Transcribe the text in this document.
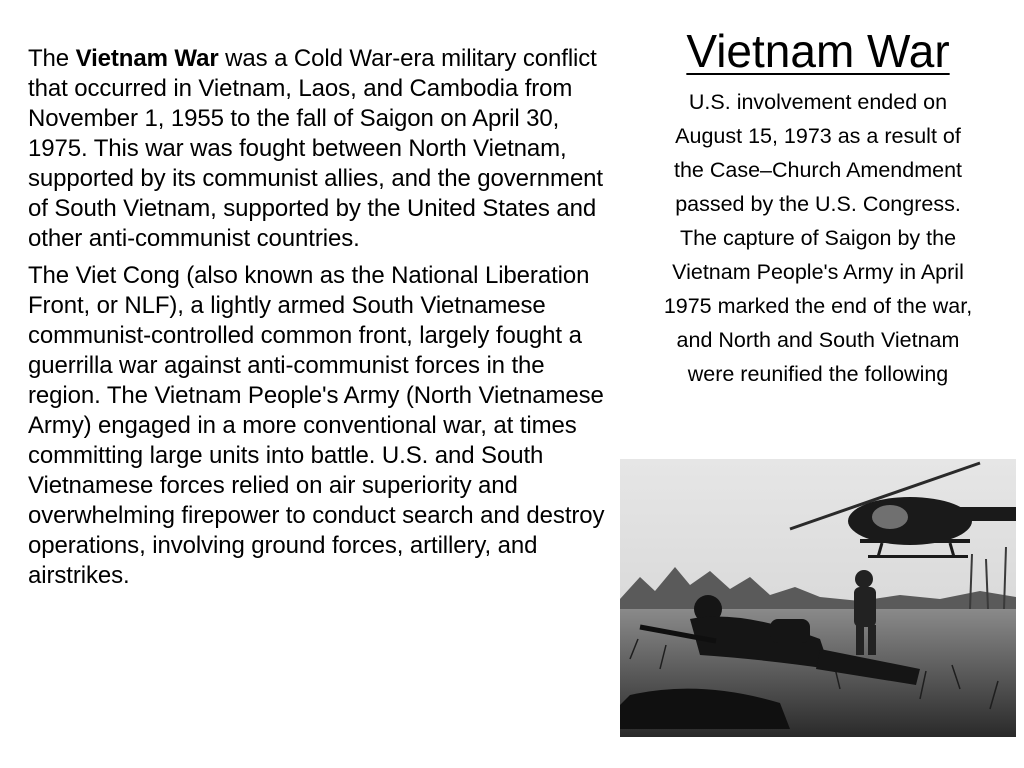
The Vietnam War was a Cold War-era military conflict that occurred in Vietnam, Laos, and Cambodia from November 1, 1955 to the fall of Saigon on April 30, 1975. This war was fought between North Vietnam, supported by its communist allies, and the government of South Vietnam, supported by the United States and other anti-communist countries.

The Viet Cong (also known as the National Liberation Front, or NLF), a lightly armed South Vietnamese communist-controlled common front, largely fought a guerrilla war against anti-communist forces in the region. The Vietnam People's Army (North Vietnamese Army) engaged in a more conventional war, at times committing large units into battle. U.S. and South Vietnamese forces relied on air superiority and overwhelming firepower to conduct search and destroy operations, involving ground forces, artillery, and airstrikes.

Vietnam War
U.S. involvement ended on August 15, 1973 as a result of the Case–Church Amendment passed by the U.S. Congress. The capture of Saigon by the Vietnam People's Army in April 1975 marked the end of the war, and North and South Vietnam were reunified the following
